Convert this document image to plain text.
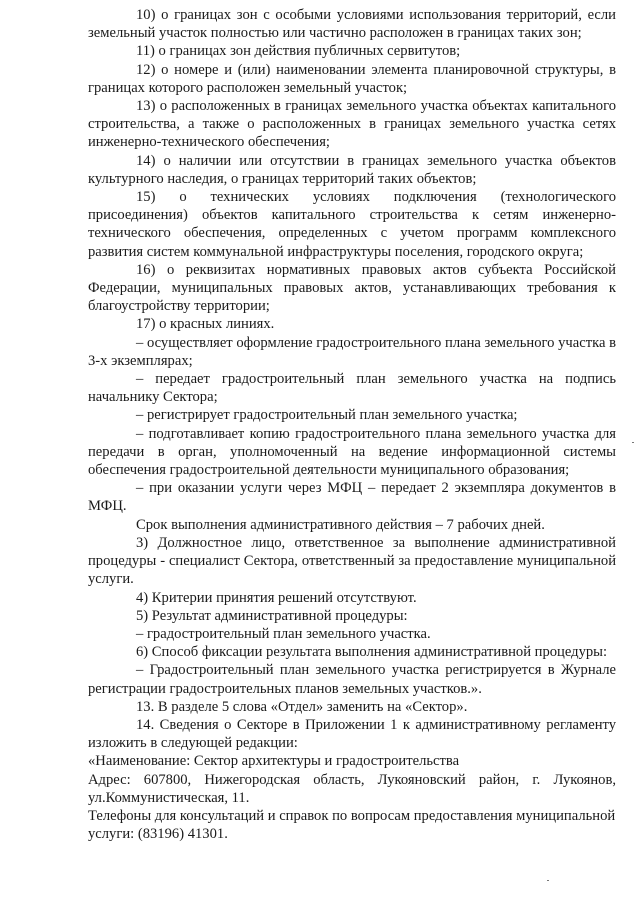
10) о границах зон с особыми условиями использования территорий, если земельный участок полностью или частично расположен в границах таких зон;

11) о границах зон действия публичных сервитутов;

12) о номере и (или) наименовании элемента планировочной структуры, в границах которого расположен земельный участок;

13) о расположенных в границах земельного участка объектах капитального строительства, а также о расположенных в границах земельного участка сетях инженерно-технического обеспечения;

14) о наличии или отсутствии в границах земельного участка объектов культурного наследия, о границах территорий таких объектов;

15) о технических условиях подключения (технологического присоединения) объектов капитального строительства к сетям инженерно-технического обеспечения, определенных с учетом программ комплексного развития систем коммунальной инфраструктуры поселения, городского округа;

16) о реквизитах нормативных правовых актов субъекта Российской Федерации, муниципальных правовых актов, устанавливающих требования к благоустройству территории;

17) о красных линиях.

– осуществляет оформление градостроительного плана земельного участка в 3-х экземплярах;

– передает градостроительный план земельного участка на подпись начальнику Сектора;

– регистрирует градостроительный план земельного участка;

– подготавливает копию градостроительного плана земельного участка для передачи в орган, уполномоченный на ведение информационной системы обеспечения градостроительной деятельности муниципального образования;

– при оказании услуги через МФЦ – передает 2 экземпляра документов в МФЦ.

Срок выполнения административного действия – 7 рабочих дней.

3) Должностное лицо, ответственное за выполнение административной процедуры - специалист Сектора, ответственный за предоставление муниципальной услуги.

4) Критерии принятия решений отсутствуют.

5) Результат административной процедуры:

– градостроительный план земельного участка.

6) Способ фиксации результата выполнения административной процедуры:

– Градостроительный план земельного участка регистрируется в Журнале регистрации градостроительных планов земельных участков.».

13. В разделе 5 слова «Отдел» заменить на «Сектор».

14. Сведения о Секторе в Приложении 1 к административному регламенту изложить в следующей редакции:

«Наименование: Сектор архитектуры и градостроительства

Адрес: 607800, Нижегородская область, Лукояновский район, г. Лукоянов, ул.Коммунистическая, 11.

Телефоны для консультаций и справок по вопросам предоставления муниципальной услуги: (83196) 41301.
